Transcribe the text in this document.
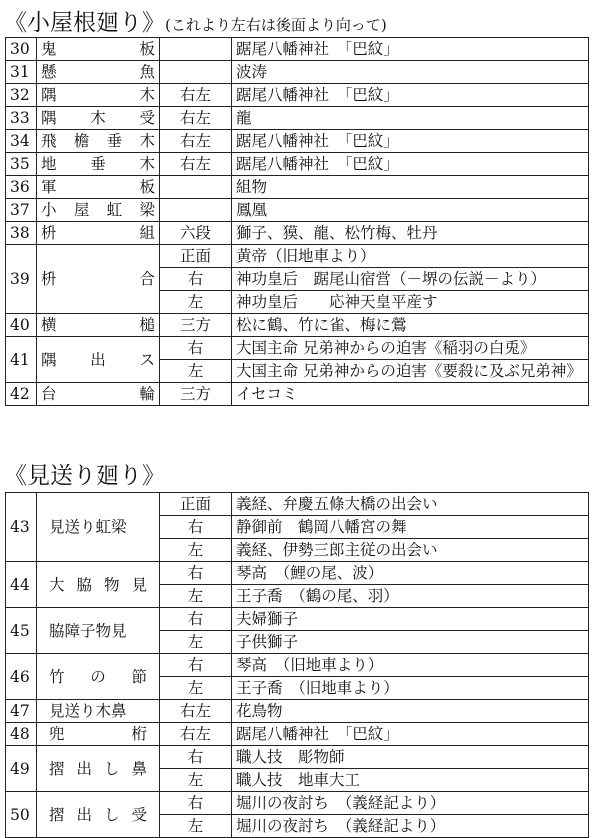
《小屋根廻り》(これより左右は後面より向って)
30	鬼　板		踞尾八幡神社　「巴紋」
31	懸　魚		波涛
32	隅　木	右左	踞尾八幡神社　「巴紋」
33	隅木受	右左	龍
34	飛檐垂木	右左	踞尾八幡神社　「巴紋」
35	地垂木	右左	踞尾八幡神社　「巴紋」
36	軍　板		組物
37	小屋虹梁		鳳凰
38	枡　組	六段	獅子、獏、龍、松竹梅、牡丹
39	枡　合	正面	黄帝（旧地車より）
		右	神功皇后　踞尾山宿営（－堺の伝説－より）
		左	神功皇后　　応神天皇平産す
40	横　槌	三方	松に鶴、竹に雀、梅に鶯
41	隅出ス	右	大国主命 兄弟神からの迫害《稲羽の白兎》
		左	大国主命 兄弟神からの迫害《要殺に及ぶ兄弟神》
42	台　輪	三方	イセコミ
《見送り廻り》
43	見送り虹梁	正面	義経、弁慶五條大橋の出会い
		右	静御前　鶴岡八幡宮の舞
		左	義経、伊勢三郎主従の出会い
44	大脇物見	右	琴高　（鯉の尾、波）
		左	王子喬　（鶴の尾、羽）
45	脇障子物見	右	夫婦獅子
		左	子供獅子
46	竹の節	右	琴高　（旧地車より）
		左	王子喬　（旧地車より）
47	見送り木鼻	右左	花鳥物
48	兜　桁	右左	踞尾八幡神社　「巴紋」
49	摺出し鼻	右	職人技　彫物師
		左	職人技　地車大工
50	摺出し受	右	堀川の夜討ち　（義経記より）
		左	堀川の夜討ち　（義経記より）
